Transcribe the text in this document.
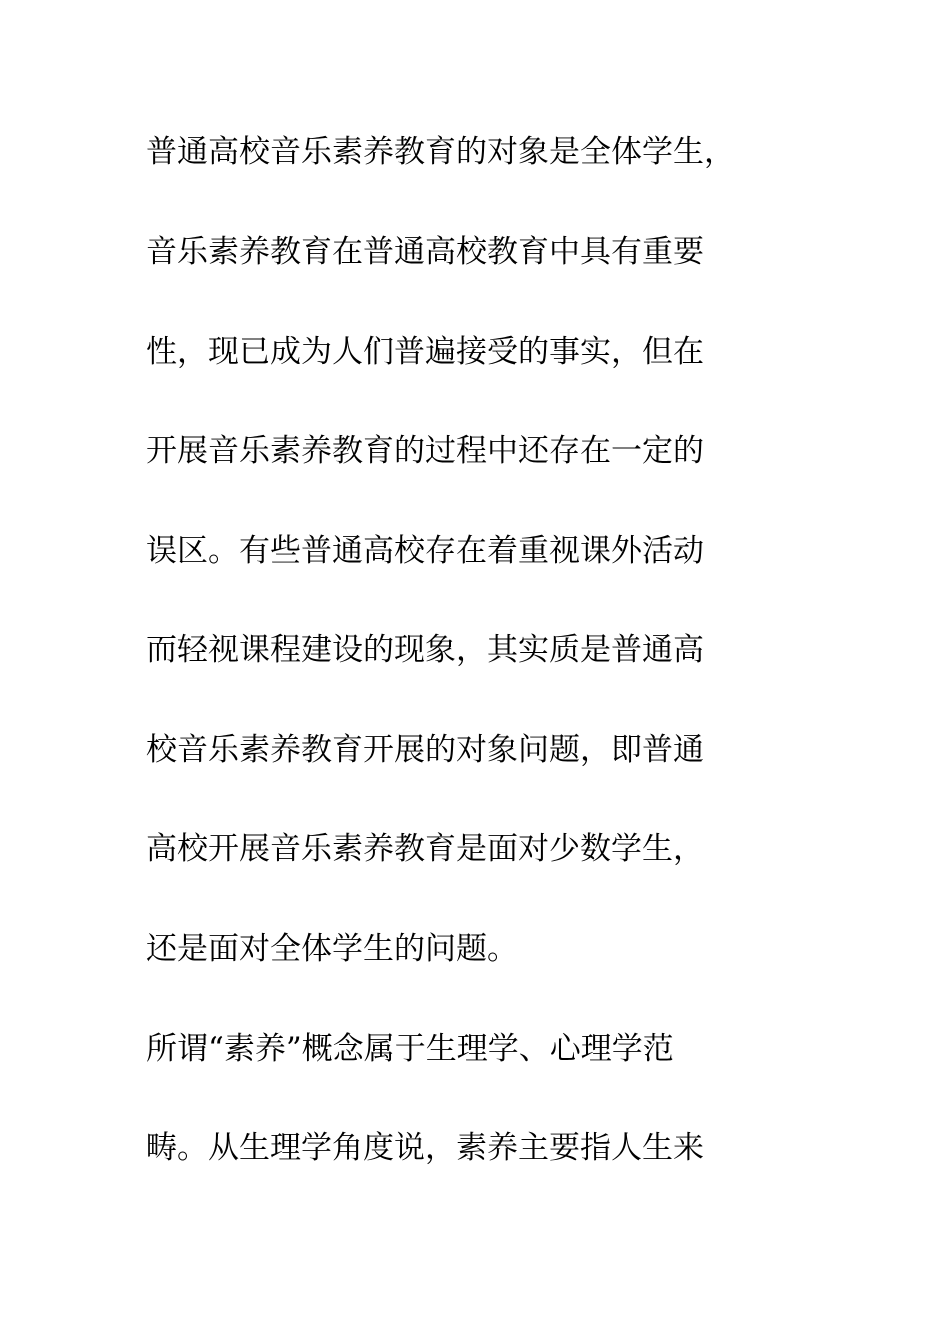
普通高校音乐素养教育的对象是全体学生，
音乐素养教育在普通高校教育中具有重要
性，现已成为人们普遍接受的事实，但在
开展音乐素养教育的过程中还存在一定的
误区。有些普通高校存在着重视课外活动
而轻视课程建设的现象，其实质是普通高
校音乐素养教育开展的对象问题，即普通
高校开展音乐素养教育是面对少数学生，
还是面对全体学生的问题。
所谓“素养”概念属于生理学、心理学范
畴。从生理学角度说，素养主要指人生来
